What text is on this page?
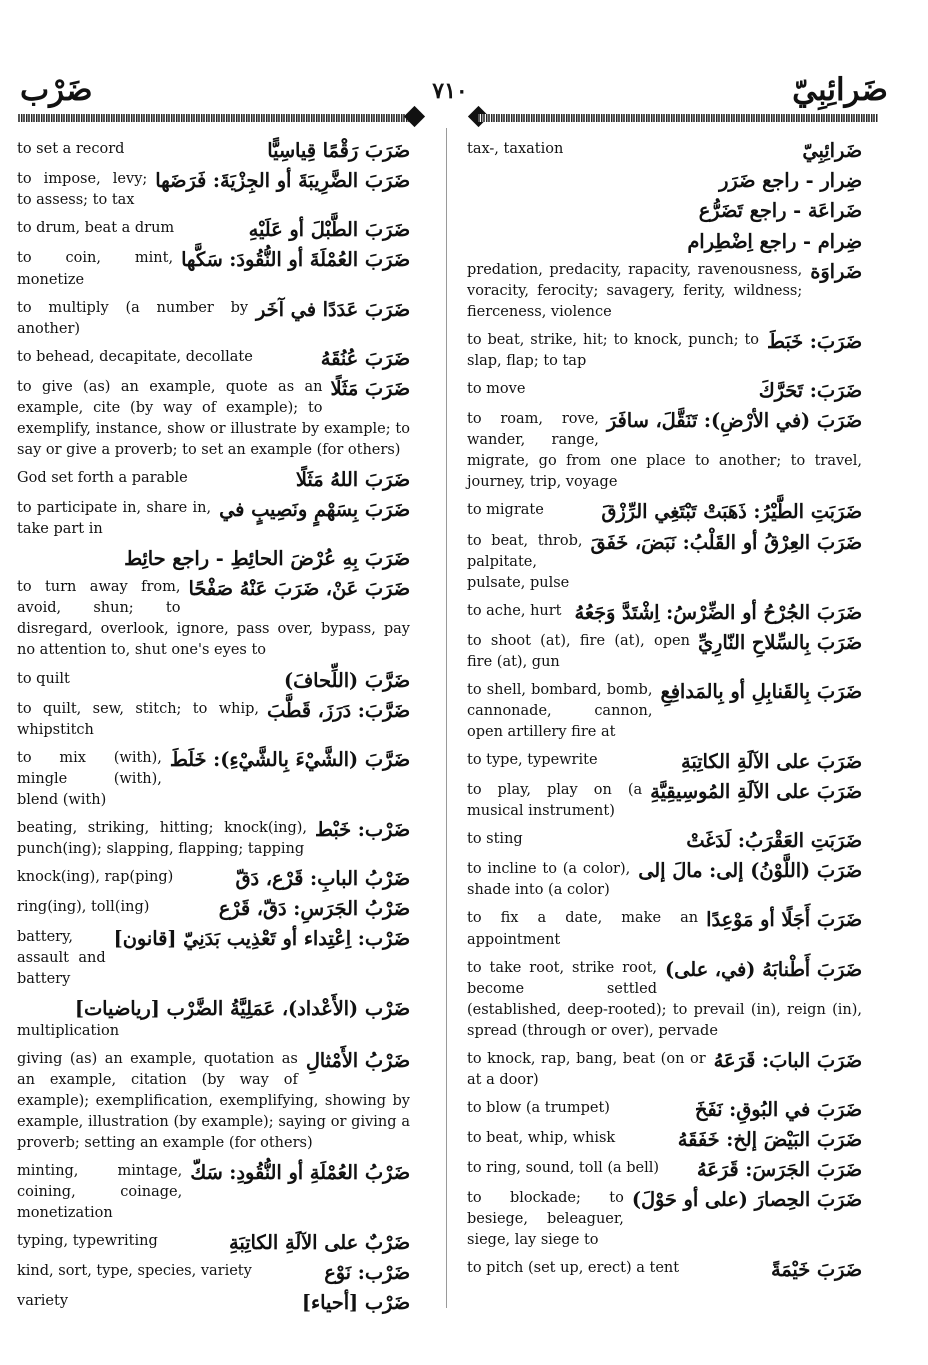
ضَرْب	٧١٠	ضَرائِبِيّ
ضَرَبَ رَقْمًا قِياسِيًّا
to set a record
ضَرَبَ الضَّرِيبَةَ أو الجِزْيَةَ: فَرَضَها
to impose, levy; to assess; to tax
ضَرَبَ الطَّبْلَ أو عَلَيْهِ
to drum, beat a drum
ضَرَبَ العُمْلَةَ أو النُّقُودَ: سَكَّها
to coin, mint, monetize
ضَرَبَ عَدَدًا في آخَر
to multiply (a number by another)
ضَرَبَ عُنُقَهُ
to behead, decapitate, decollate
ضَرَبَ مَثَلًا
to give (as) an example, quote as an example, cite (by way of example); to exemplify, instance, show or illustrate by example; to say or give a proverb; to set an example (for others)
ضَرَبَ اللهُ مَثَلًا
God set forth a parable
ضَرَبَ بِسَهْمٍ ونَصِيبٍ في
to participate in, share in, take part in
ضَرَبَ بِهِ عُرْضَ الحائِطِ - راجع حائِط
ضَرَبَ عَنْ، ضَرَبَ عَنْهُ صَفْحًا
to turn away from, avoid, shun; to disregard, overlook, ignore, pass over, bypass, pay no attention to, shut one's eyes to
ضَرَّبَ (اللِّحافَ)
to quilt
ضَرَّبَ: دَرَزَ، قَطَّبَ
to quilt, sew, stitch; to whip, whipstitch
ضَرَّبَ (الشَّيْءَ بِالشَّيْءِ): خَلَطَ
to mix (with), mingle (with), blend (with)
ضَرْب: خَبْط
beating, striking, hitting; knock(ing), punch(ing); slapping, flapping; tapping
ضَرْبُ البابِ: قَرْع، دَقّ
knock(ing), rap(ping)
ضَرْبُ الجَرَسِ: دَقّ، قَرْع
ring(ing), toll(ing)
ضَرْب: اِعْتِداء أو تَعْذِيب بَدَنِيّ [قانون]
battery, assault and battery
ضَرْب (الأَعْداد)، عَمَلِيَّةُ الضَّرْب [رياضيات]
multiplication
ضَرْبُ الأَمْثالِ
giving (as) an example, quotation as an example, citation (by way of example); exemplification, exemplifying, showing by example, illustration (by example); saying or giving a proverb; setting an example (for others)
ضَرْبُ العُمْلَةِ أو النُّقُودِ: سَكّ
minting, mintage, coining, coinage, monetization
ضَرْبٌ على الآلَةِ الكاتِبَةِ
typing, typewriting
ضَرْب: نَوْع
kind, sort, type, species, variety
ضَرْب [أحياء]
variety
ضَرائِبِيّ
tax-, taxation
ضِرار - راجع ضَرَر
ضَراعَة - راجع تَضَرُّع
ضِرام - راجع اِضْطِرام
ضَراوَة
predation, predacity, rapacity, ravenousness, voracity, ferocity; savagery, ferity, wildness; fierceness, violence
ضَرَبَ: خَبَطَ
to beat, strike, hit; to knock, punch; to slap, flap; to tap
ضَرَبَ: تَحَرَّكَ
to move
ضَرَبَ (في الأرْضِ): تَنَقَّلَ، سافَرَ
to roam, rove, wander, range, migrate, go from one place to another; to travel, journey, trip, voyage
ضَرَبَتِ الطَّيْرُ: ذَهَبَتْ تَبْتَغِي الرِّزْقَ
to migrate
ضَرَبَ العِرْقُ أو القَلْبُ: نَبَضَ، خَفَقَ
to beat, throb, palpitate, pulsate, pulse
ضَرَبَ الجُرْحُ أو الضِّرْسُ: اِشْتَدَّ وَجَعُهُ
to ache, hurt
ضَرَبَ بِالسِّلاحِ النّارِيِّ
to shoot (at), fire (at), open fire (at), gun
ضَرَبَ بِالقَنابِلِ أو بِالمَدافِعِ
to shell, bombard, bomb, cannonade, cannon, open artillery fire at
ضَرَبَ على الآلَةِ الكاتِبَةِ
to type, typewrite
ضَرَبَ على الآلَةِ المُوسِيقِيَّةِ
to play, play on (a musical instrument)
ضَرَبَتِ العَقْرَبُ: لَدَغَتْ
to sting
ضَرَبَ (اللَّوْنُ) إلى: مالَ إلى
to incline to (a color), shade into (a color)
ضَرَبَ أَجَلًا أو مَوْعِدًا
to fix a date, make an appointment
ضَرَبَ أَطْنابَهُ (في، على)
to take root, strike root, become settled (established, deep-rooted); to prevail (in), reign (in), spread (through or over), pervade
ضَرَبَ البابَ: قَرَعَهُ
to knock, rap, bang, beat (on or at a door)
ضَرَبَ في البُوقِ: نَفَخَ
to blow (a trumpet)
ضَرَبَ البَيْضَ إلخ: خَفَقَهُ
to beat, whip, whisk
ضَرَبَ الجَرَسَ: قَرَعَهُ
to ring, sound, toll (a bell)
ضَرَبَ الحِصارَ (على أو حَوْلَ)
to blockade; to besiege, beleaguer, siege, lay siege to
ضَرَبَ خَيْمَةً
to pitch (set up, erect) a tent
